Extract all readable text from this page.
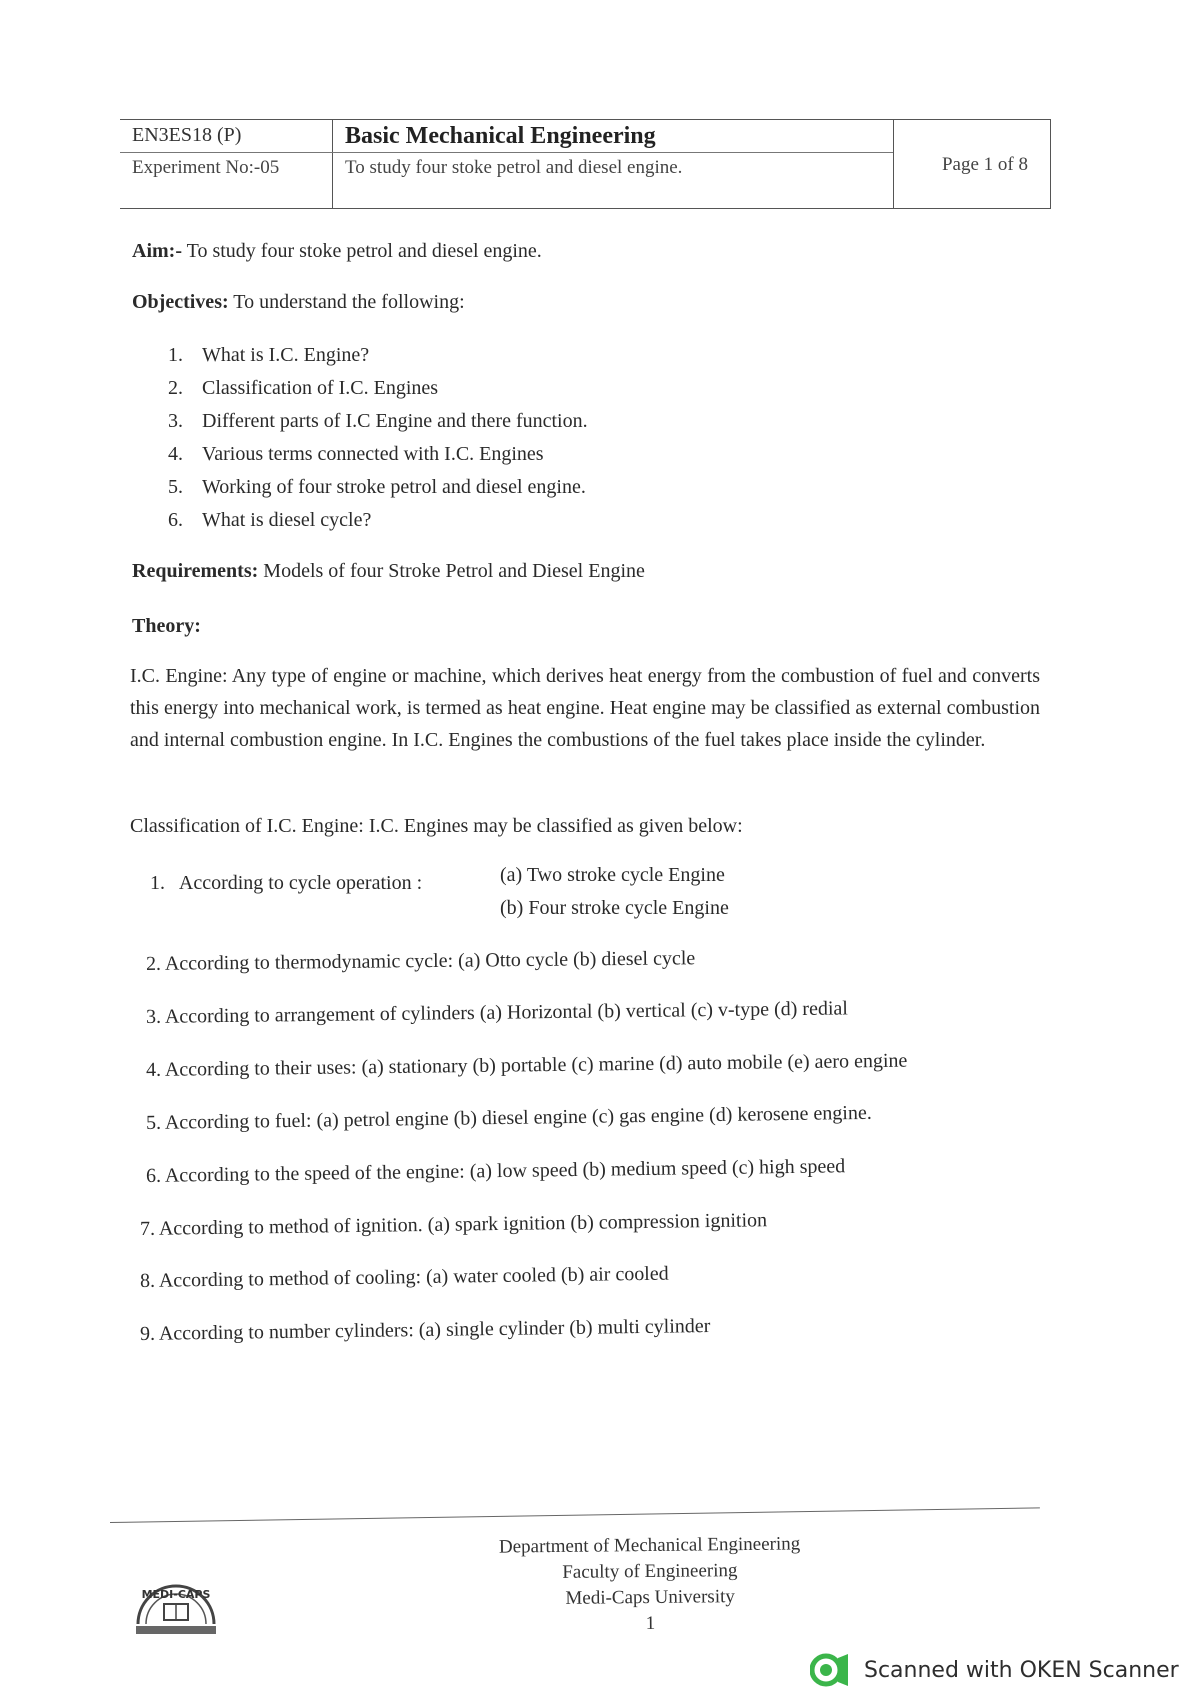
EN3ES18 (P)
Experiment No:-05
Basic Mechanical Engineering
To study four stoke petrol and diesel engine.	Page 1 of 8
Aim:- To study four stoke petrol and diesel engine.
Objectives: To understand the following:
1. What is I.C. Engine?
2. Classification of I.C. Engines
3. Different parts of I.C Engine and there function.
4. Various terms connected with I.C. Engines
5. Working of four stroke petrol and diesel engine.
6. What is diesel cycle?
Requirements: Models of four Stroke Petrol and Diesel Engine
Theory:
I.C. Engine: Any type of engine or machine, which derives heat energy from the combustion of fuel and converts this energy into mechanical work, is termed as heat engine. Heat engine may be classified as external combustion and internal combustion engine. In I.C. Engines the combustions of the fuel takes place inside the cylinder.
Classification of I.C. Engine: I.C. Engines may be classified as given below:
1.   According to cycle operation :	(a) Two stroke cycle Engine
(b) Four stroke cycle Engine
2. According to thermodynamic cycle: (a) Otto cycle (b) diesel cycle
3. According to arrangement of cylinders (a) Horizontal (b) vertical (c) v-type (d) redial
4. According to their uses: (a) stationary (b) portable (c) marine (d) auto mobile (e) aero engine
5. According to fuel: (a) petrol engine (b) diesel engine (c) gas engine (d) kerosene engine.
6. According to the speed of the engine: (a) low speed (b) medium speed (c) high speed
7. According to method of ignition. (a) spark ignition (b) compression ignition
8. According to method of cooling: (a) water cooled (b) air cooled
9. According to number cylinders: (a) single cylinder (b) multi cylinder
Department of Mechanical Engineering
Faculty of Engineering
Medi-Caps University
1
MEDI-CAPS
Scanned with OKEN Scanner
